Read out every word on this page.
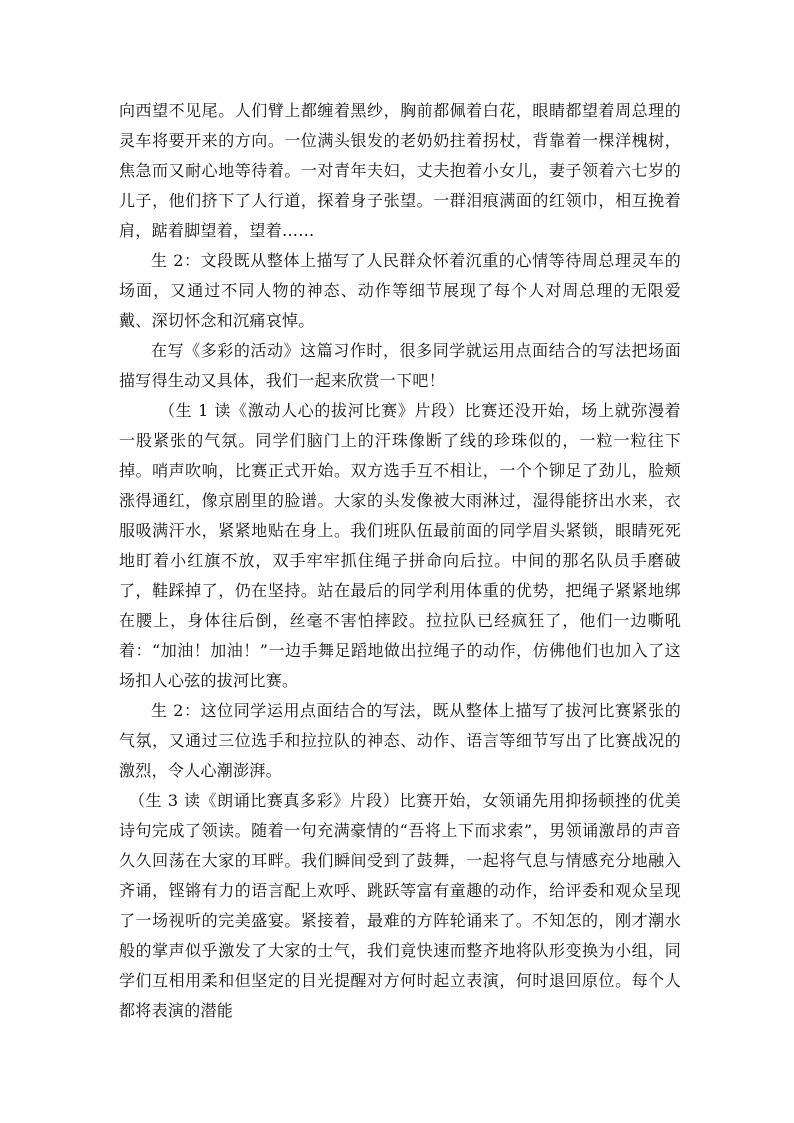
向西望不见尾。人们臂上都缠着黑纱，胸前都佩着白花，眼睛都望着周总理的灵车将要开来的方向。一位满头银发的老奶奶拄着拐杖，背靠着一棵洋槐树，焦急而又耐心地等待着。一对青年夫妇，丈夫抱着小女儿，妻子领着六七岁的儿子，他们挤下了人行道，探着身子张望。一群泪痕满面的红领巾，相互挽着肩，踮着脚望着，望着……

生 2：文段既从整体上描写了人民群众怀着沉重的心情等待周总理灵车的场面，又通过不同人物的神态、动作等细节展现了每个人对周总理的无限爱戴、深切怀念和沉痛哀悼。

在写《多彩的活动》这篇习作时，很多同学就运用点面结合的写法把场面描写得生动又具体，我们一起来欣赏一下吧！

（生 1 读《激动人心的拔河比赛》片段）比赛还没开始，场上就弥漫着一股紧张的气氛。同学们脑门上的汗珠像断了线的珍珠似的，一粒一粒往下掉。哨声吹响，比赛正式开始。双方选手互不相让，一个个铆足了劲儿，脸颊涨得通红，像京剧里的脸谱。大家的头发像被大雨淋过，湿得能挤出水来，衣服吸满汗水，紧紧地贴在身上。我们班队伍最前面的同学眉头紧锁，眼睛死死地盯着小红旗不放，双手牢牢抓住绳子拼命向后拉。中间的那名队员手磨破了，鞋踩掉了，仍在坚持。站在最后的同学利用体重的优势，把绳子紧紧地绑在腰上，身体往后倒，丝毫不害怕摔跤。拉拉队已经疯狂了，他们一边嘶吼着：“加油！加油！”一边手舞足蹈地做出拉绳子的动作，仿佛他们也加入了这场扣人心弦的拔河比赛。

生 2：这位同学运用点面结合的写法，既从整体上描写了拔河比赛紧张的气氛，又通过三位选手和拉拉队的神态、动作、语言等细节写出了比赛战况的激烈，令人心潮澎湃。

（生 3 读《朗诵比赛真多彩》片段）比赛开始，女领诵先用抑扬顿挫的优美诗句完成了领读。随着一句充满豪情的“吾将上下而求索”，男领诵激昂的声音久久回荡在大家的耳畔。我们瞬间受到了鼓舞，一起将气息与情感充分地融入齐诵，铿锵有力的语言配上欢呼、跳跃等富有童趣的动作，给评委和观众呈现了一场视听的完美盛宴。紧接着，最难的方阵轮诵来了。不知怎的，刚才潮水般的掌声似乎激发了大家的士气，我们竟快速而整齐地将队形变换为小组，同学们互相用柔和但坚定的目光提醒对方何时起立表演，何时退回原位。每个人都将表演的潜能
